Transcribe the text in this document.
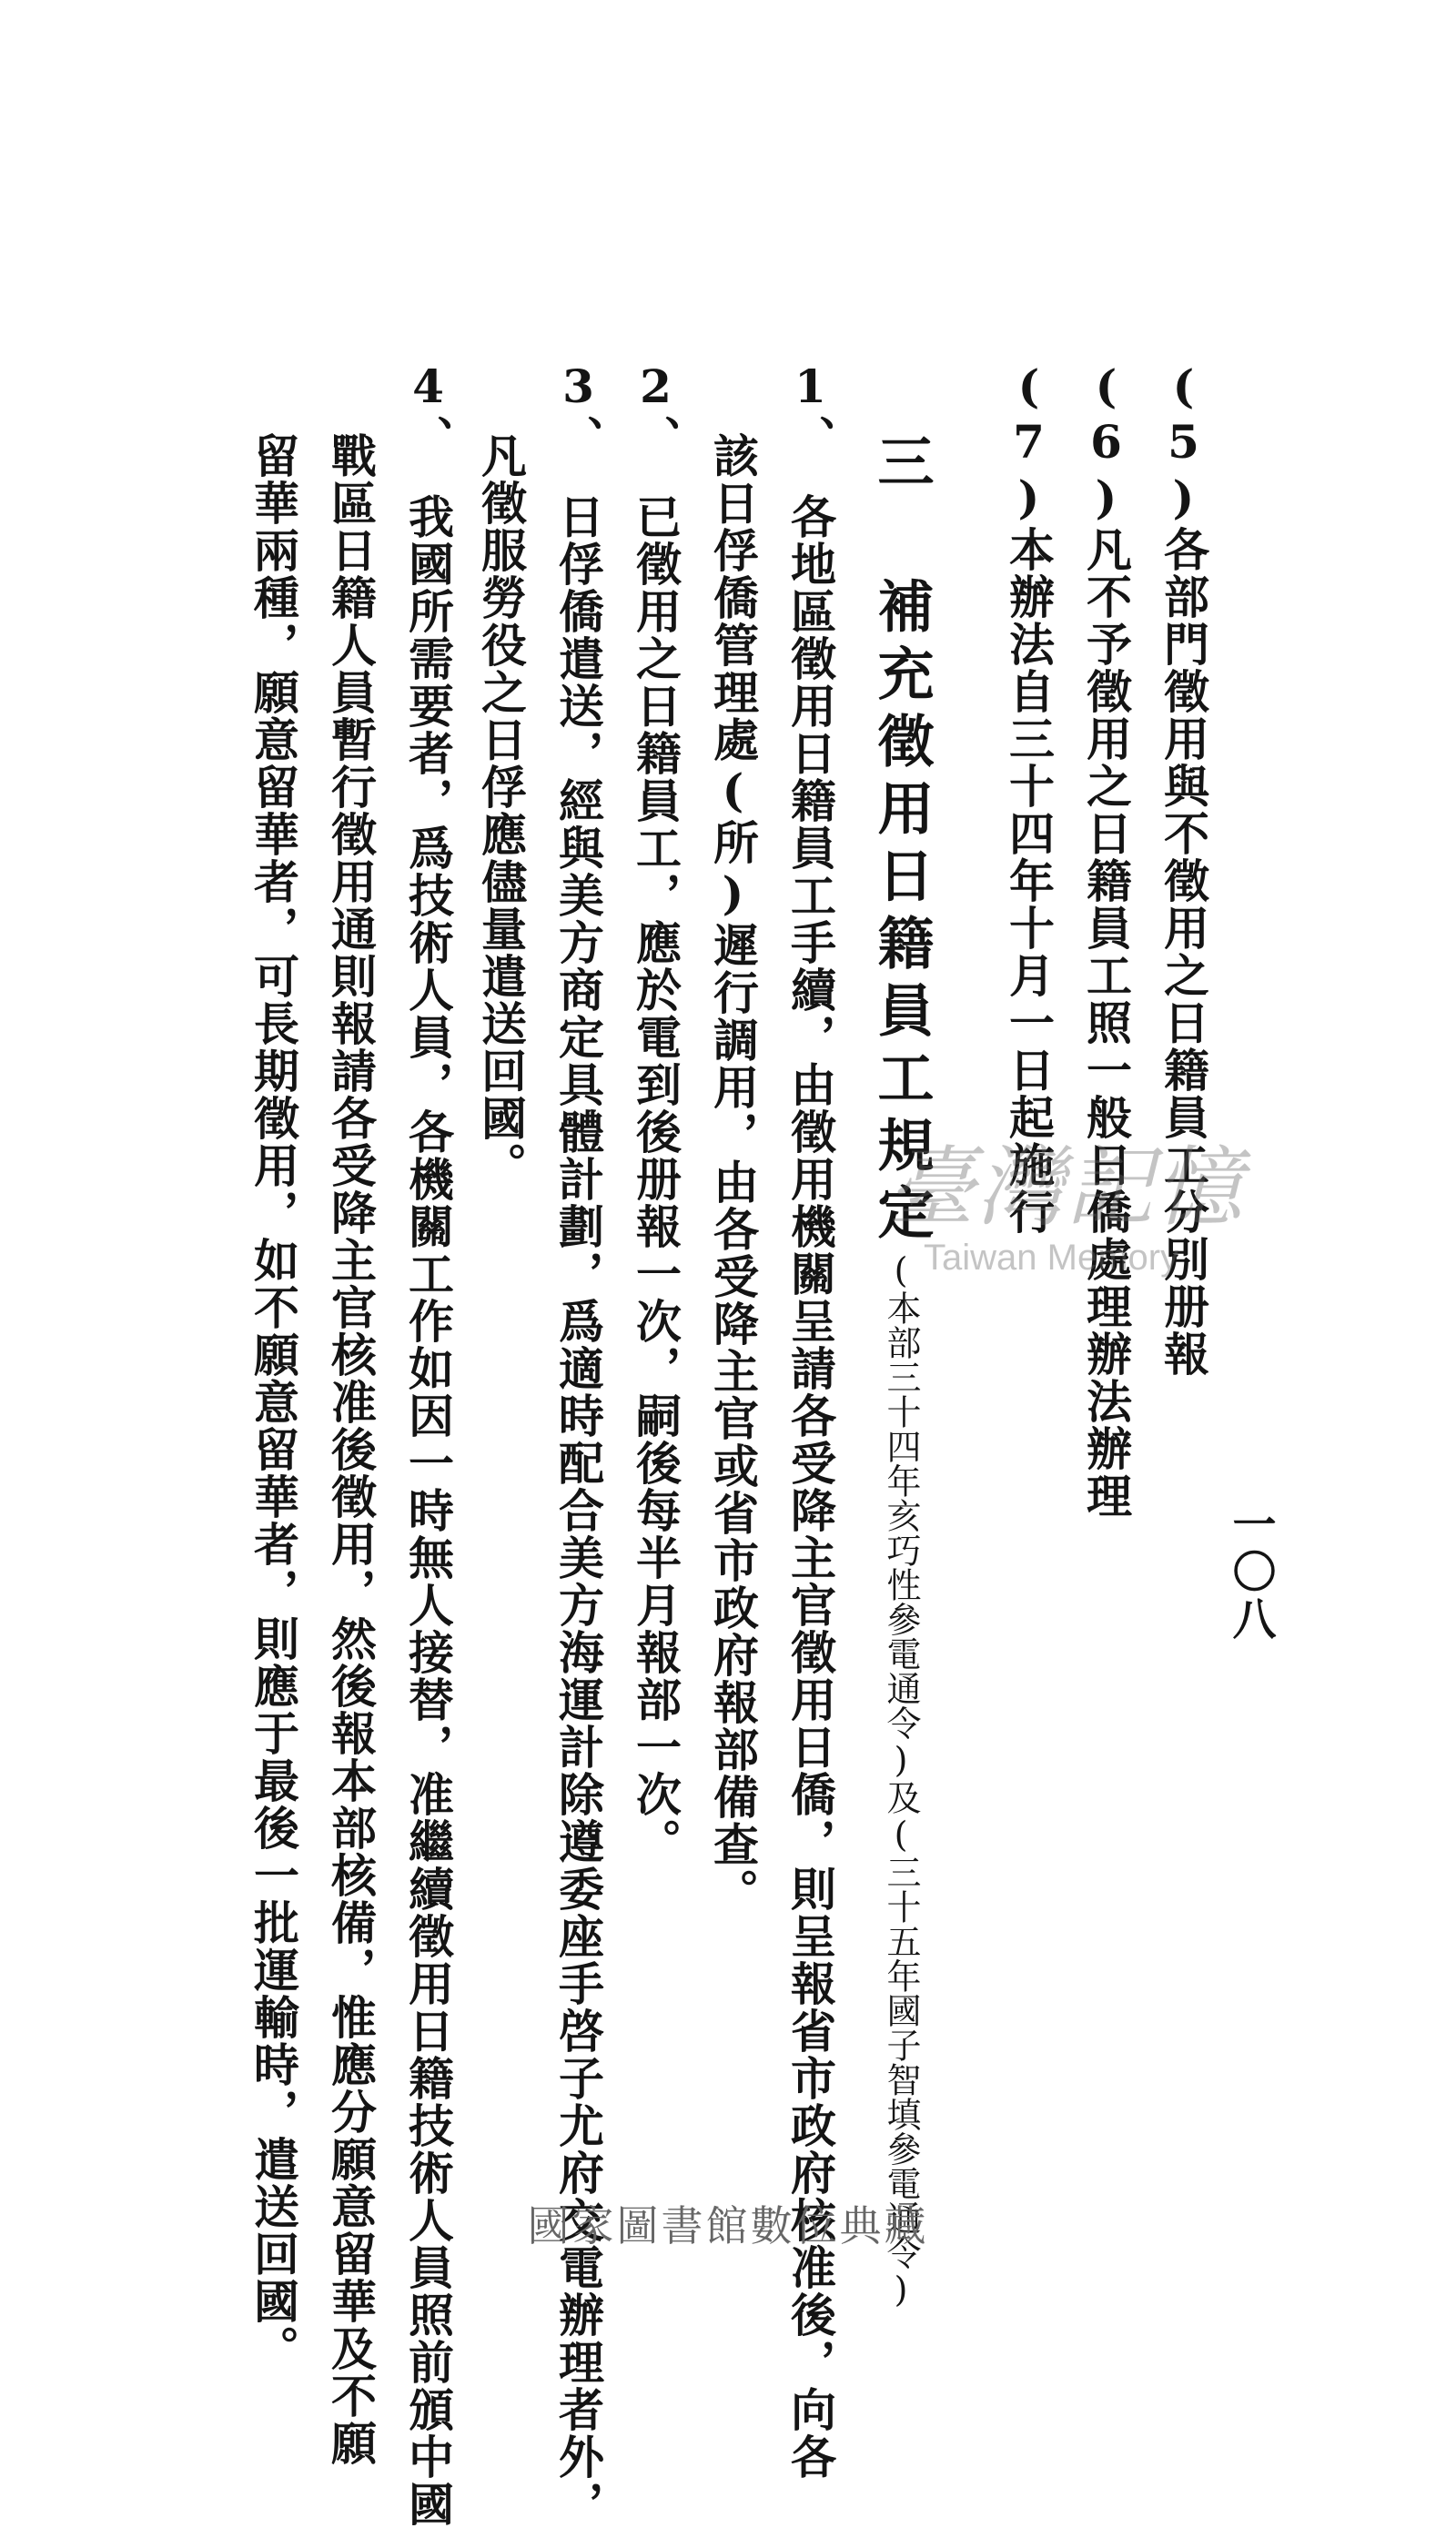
(5)各部門徵用與不徵用之日籍員工分別册報
(6)凡不予徵用之日籍員工照一般日僑處理辦法辦理
(7)本辦法自三十四年十月一日起施行
三 補充徵用日籍員工規定(本部三十四年亥巧性參電通令)及(三十五年國子智填參電通令)
1、各地區徵用日籍員工手續，由徵用機關呈請各受降主官徵用日僑，則呈報省市政府核准後，向各
該日俘僑管理處(所)遲行調用，由各受降主官或省市政府報部備查。
2、已徵用之日籍員工，應於電到後册報一次，嗣後每半月報部一次。
3、日俘僑遣送，經與美方商定具體計劃，爲適時配合美方海運計除遵委座手啓子尤府交電辦理者外，
凡徵服勞役之日俘應儘量遣送回國。
4、我國所需要者，爲技術人員，各機關工作如因一時無人接替，准繼續徵用日籍技術人員照前頒中國
戰區日籍人員暫行徵用通則報請各受降主官核准後徵用，然後報本部核備，惟應分願意留華及不願
留華兩種，願意留華者，可長期徵用，如不願意留華者，則應于最後一批運輸時，遣送回國。	一〇八
臺灣記憶
Taiwan Memory
國家圖書館數位典藏
